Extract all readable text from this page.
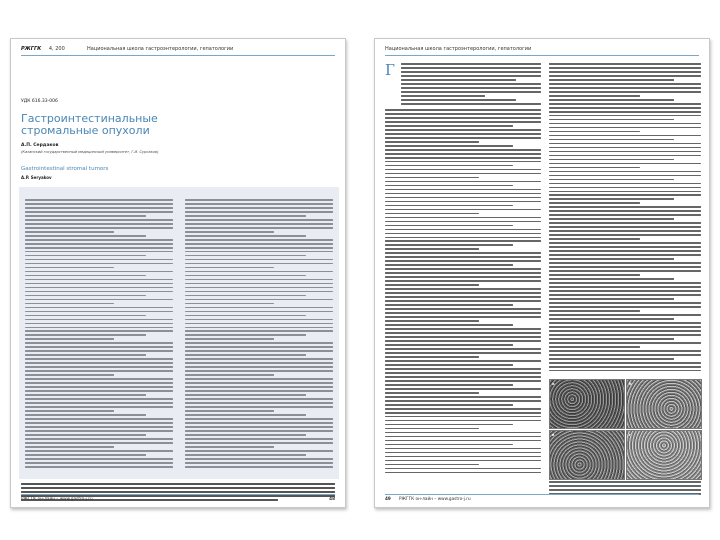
РЖГГК 4, 200	Национальная школа гастроэнтерологии, гепатологии
УДК 616.33-006
Гастроинтестинальные стромальные опухоли
А.П. Сердаков
(Казанский государственный медицинский университет, Г.И. Сурсаков)
Gastrointestinal stromal tumors
A.P. Seryakov
РЖГГК он-лайн – www.gastro-j.ru	48
Национальная школа гастроэнтерологии, гепатологии
Г
а	б
в	г
49 РЖГГК он-лайн – www.gastro-j.ru
